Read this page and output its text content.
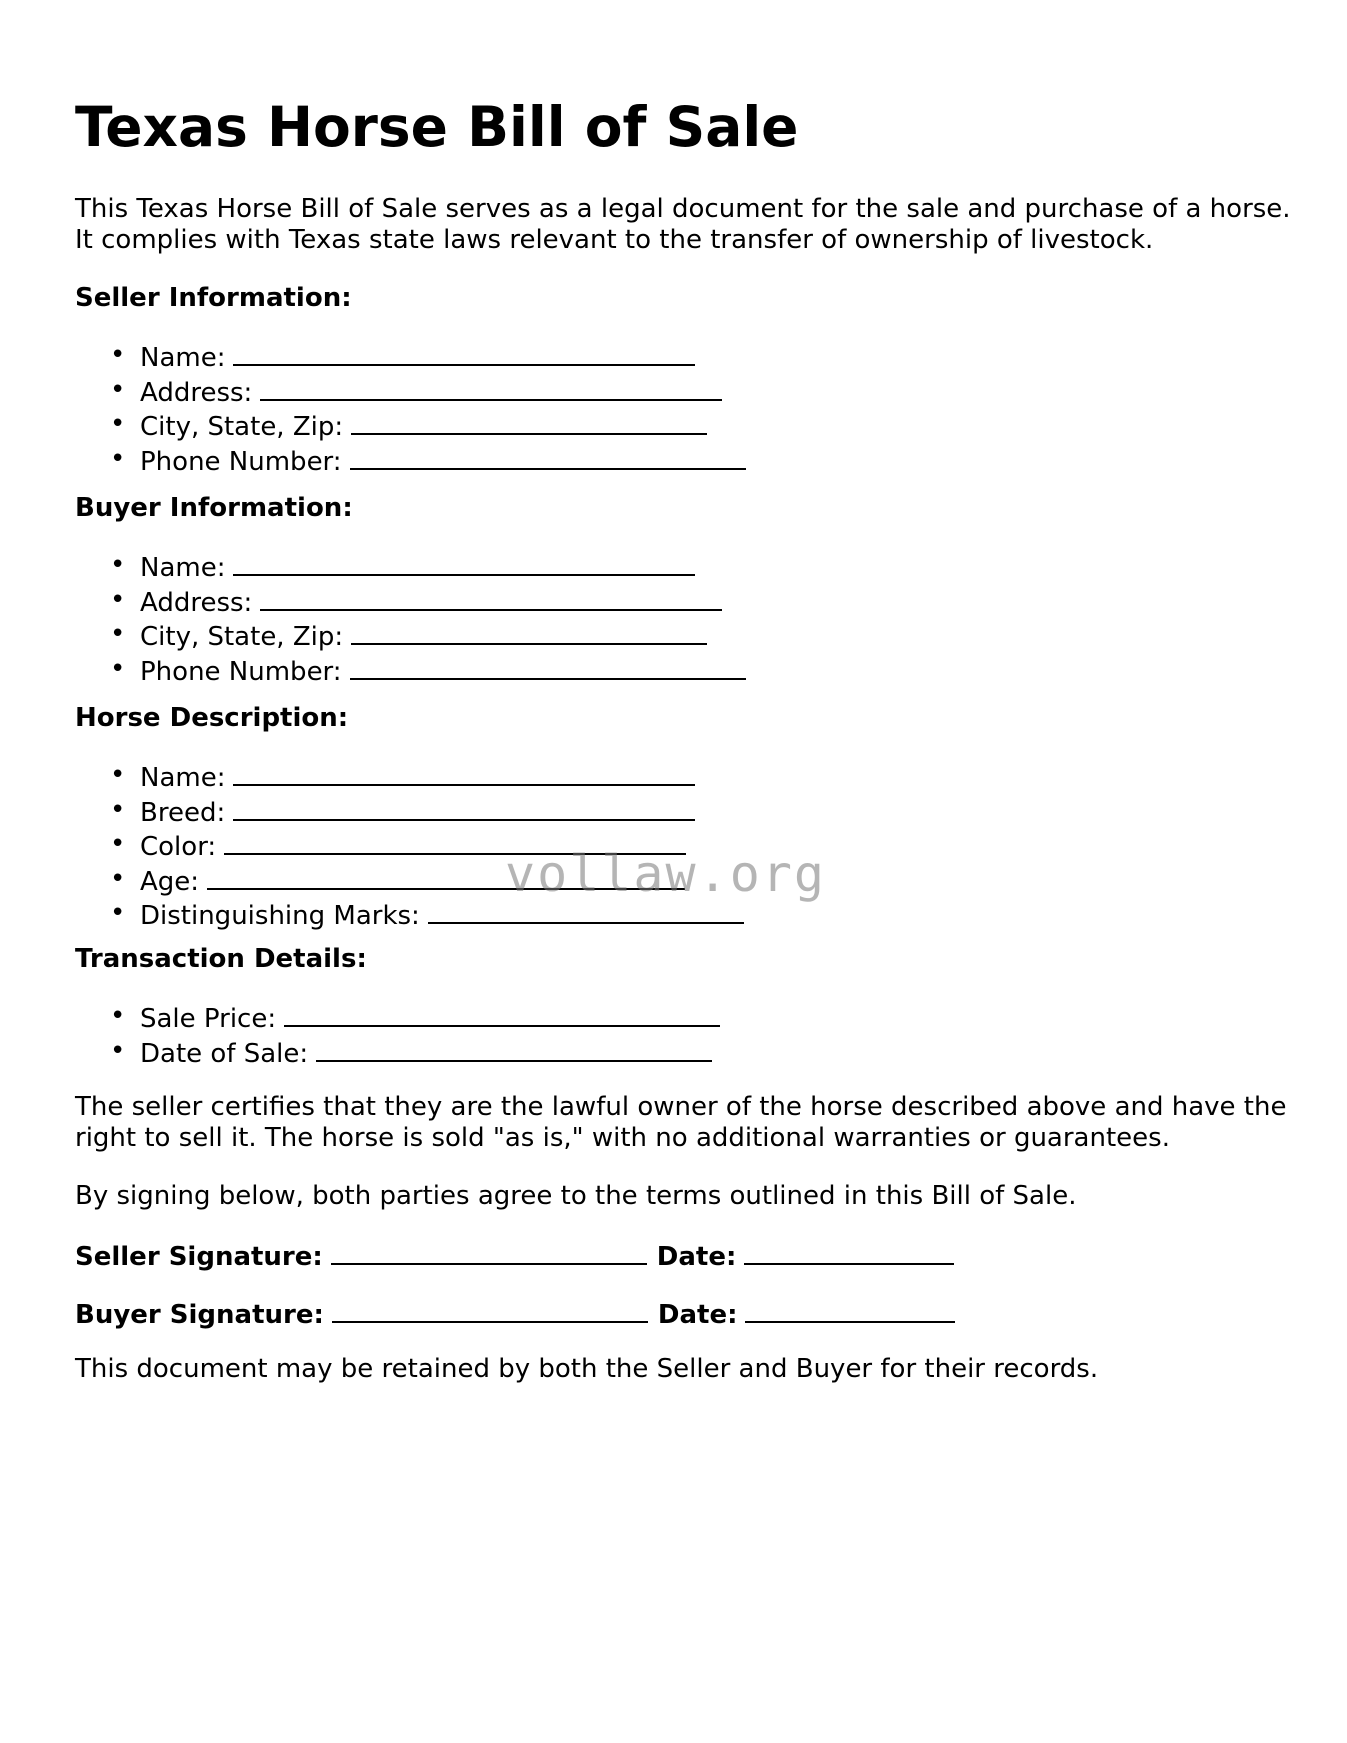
Texas Horse Bill of Sale

This Texas Horse Bill of Sale serves as a legal document for the sale and purchase of a horse. It complies with Texas state laws relevant to the transfer of ownership of livestock.

Seller Information:

• Name:
• Address:
• City, State, Zip:
• Phone Number:

Buyer Information:

• Name:
• Address:
• City, State, Zip:
• Phone Number:

Horse Description:

• Name:
• Breed:
• Color:
• Age:
• Distinguishing Marks:

Transaction Details:

• Sale Price:
• Date of Sale:

The seller certifies that they are the lawful owner of the horse described above and have the right to sell it. The horse is sold "as is," with no additional warranties or guarantees.

By signing below, both parties agree to the terms outlined in this Bill of Sale.

Seller Signature:	Date:
Buyer Signature:	Date:

This document may be retained by both the Seller and Buyer for their records.

vollaw.org
